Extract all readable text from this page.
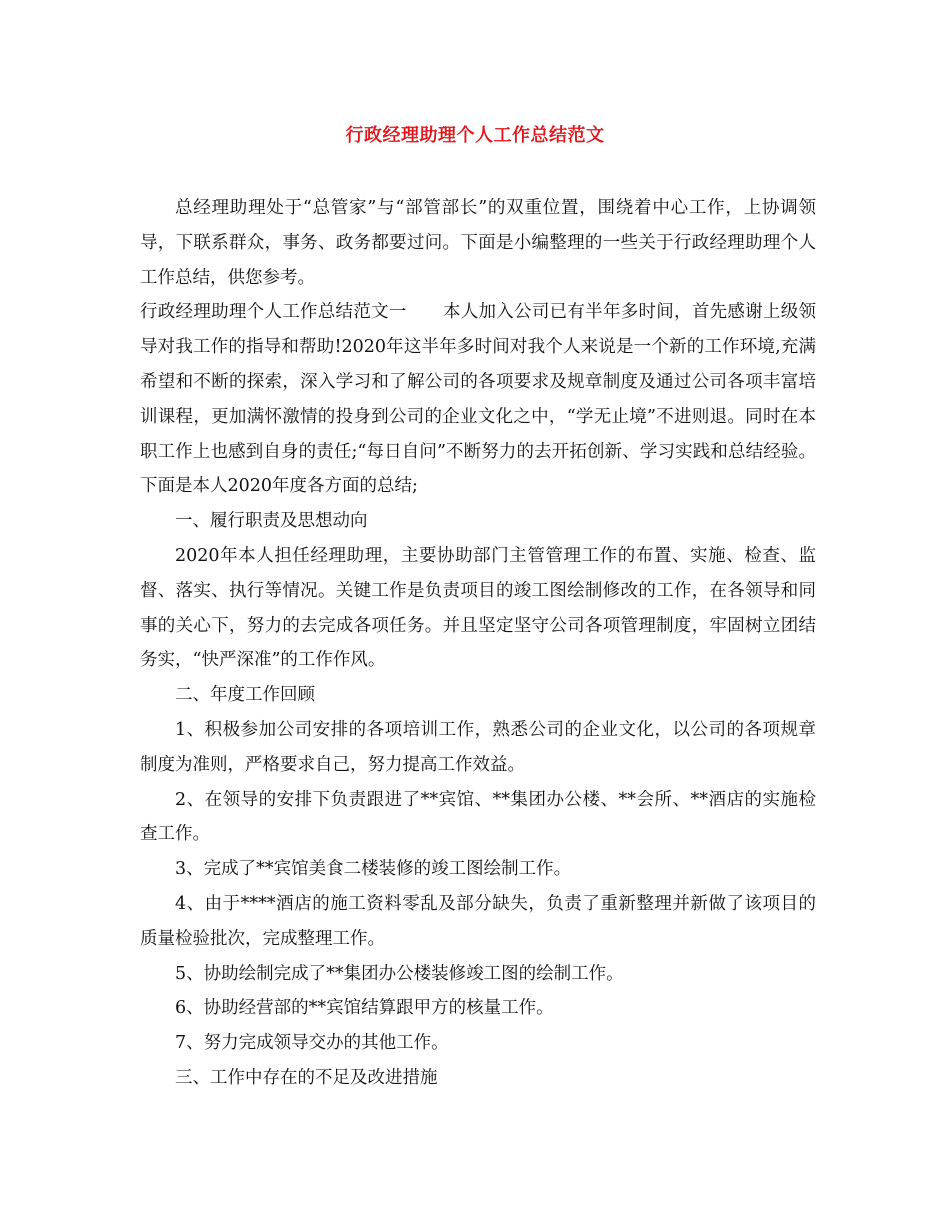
行政经理助理个人工作总结范文

总经理助理处于“总管家”与“部管部长”的双重位置，围绕着中心工作，上协调领导，下联系群众，事务、政务都要过问。下面是小编整理的一些关于行政经理助理个人工作总结，供您参考。

行政经理助理个人工作总结范文一 本人加入公司已有半年多时间，首先感谢上级领导对我工作的指导和帮助!2020年这半年多时间对我个人来说是一个新的工作环境,充满希望和不断的探索，深入学习和了解公司的各项要求及规章制度及通过公司各项丰富培训课程，更加满怀激情的投身到公司的企业文化之中，“学无止境”不进则退。同时在本职工作上也感到自身的责任;“每日自问”不断努力的去开拓创新、学习实践和总结经验。下面是本人2020年度各方面的总结;

一、履行职责及思想动向

2020年本人担任经理助理，主要协助部门主管管理工作的布置、实施、检查、监督、落实、执行等情况。关键工作是负责项目的竣工图绘制修改的工作，在各领导和同事的关心下，努力的去完成各项任务。并且坚定坚守公司各项管理制度，牢固树立团结务实，“快严深准”的工作作风。

二、年度工作回顾

1、积极参加公司安排的各项培训工作，熟悉公司的企业文化，以公司的各项规章制度为准则，严格要求自己，努力提高工作效益。

2、在领导的安排下负责跟进了**宾馆、**集团办公楼、**会所、**酒店的实施检查工作。

3、完成了**宾馆美食二楼装修的竣工图绘制工作。

4、由于****酒店的施工资料零乱及部分缺失，负责了重新整理并新做了该项目的质量检验批次，完成整理工作。

5、协助绘制完成了**集团办公楼装修竣工图的绘制工作。

6、协助经营部的**宾馆结算跟甲方的核量工作。

7、努力完成领导交办的其他工作。

三、工作中存在的不足及改进措施
